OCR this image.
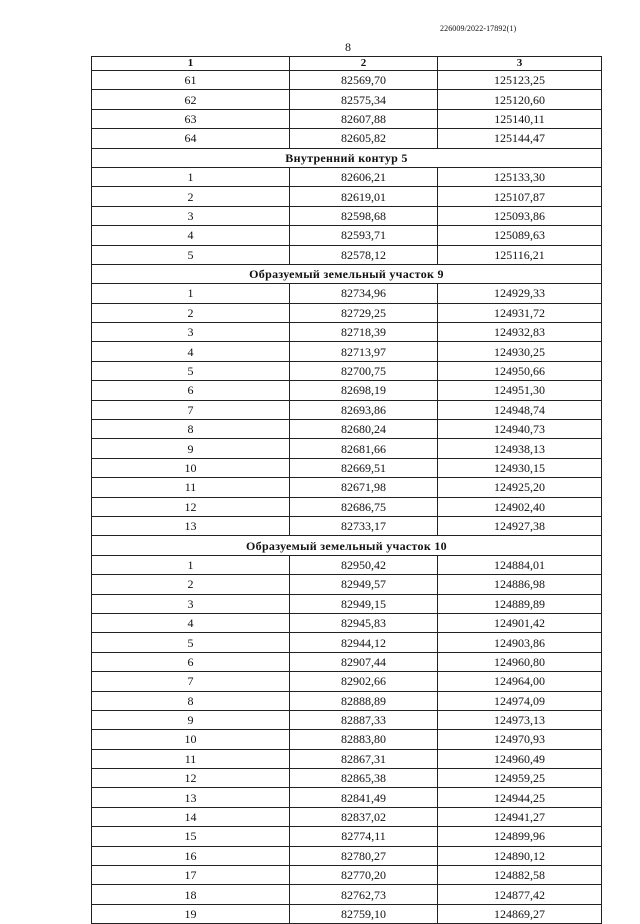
226009/2022-17892(1)
8
1	2	3
61	82569,70	125123,25
62	82575,34	125120,60
63	82607,88	125140,11
64	82605,82	125144,47
Внутренний контур 5		
1	82606,21	125133,30
2	82619,01	125107,87
3	82598,68	125093,86
4	82593,71	125089,63
5	82578,12	125116,21
Образуемый земельный участок 9		
1	82734,96	124929,33
2	82729,25	124931,72
3	82718,39	124932,83
4	82713,97	124930,25
5	82700,75	124950,66
6	82698,19	124951,30
7	82693,86	124948,74
8	82680,24	124940,73
9	82681,66	124938,13
10	82669,51	124930,15
11	82671,98	124925,20
12	82686,75	124902,40
13	82733,17	124927,38
Образуемый земельный участок 10		
1	82950,42	124884,01
2	82949,57	124886,98
3	82949,15	124889,89
4	82945,83	124901,42
5	82944,12	124903,86
6	82907,44	124960,80
7	82902,66	124964,00
8	82888,89	124974,09
9	82887,33	124973,13
10	82883,80	124970,93
11	82867,31	124960,49
12	82865,38	124959,25
13	82841,49	124944,25
14	82837,02	124941,27
15	82774,11	124899,96
16	82780,27	124890,12
17	82770,20	124882,58
18	82762,73	124877,42
19	82759,10	124869,27
